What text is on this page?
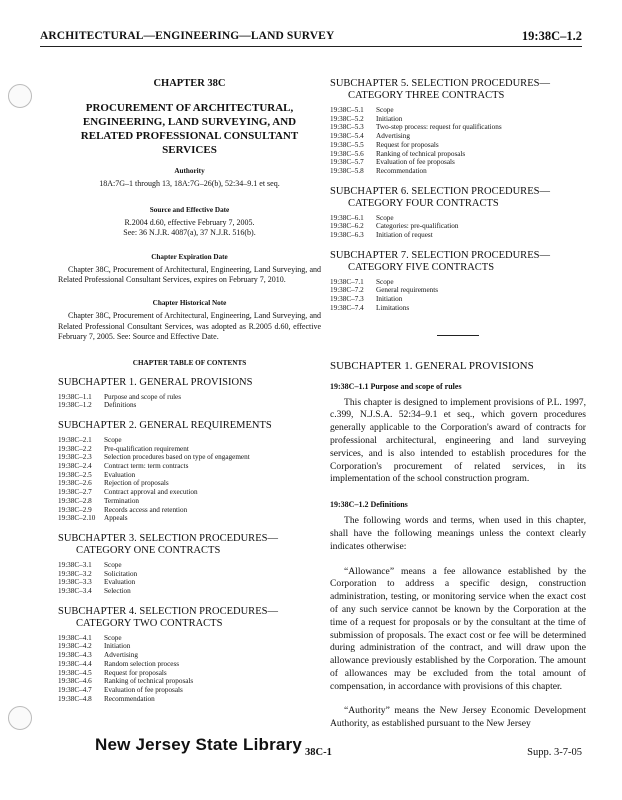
ARCHITECTURAL—ENGINEERING—LAND SURVEY	19:38C–1.2
CHAPTER 38C
PROCUREMENT OF ARCHITECTURAL, ENGINEERING, LAND SURVEYING, AND RELATED PROFESSIONAL CONSULTANT SERVICES
Authority

18A:7G–1 through 13, 18A:7G–26(b), 52:34–9.1 et seq.

Source and Effective Date

R.2004 d.60, effective February 7, 2005.

See: 36 N.J.R. 4087(a), 37 N.J.R. 516(b).

Chapter Expiration Date

Chapter 38C, Procurement of Architectural, Engineering, Land Surveying, and Related Professional Consultant Services, expires on February 7, 2010.

Chapter Historical Note

Chapter 38C, Procurement of Architectural, Engineering, Land Surveying, and Related Professional Consultant Services, was adopted as R.2005 d.60, effective February 7, 2005. See: Source and Effective Date.

CHAPTER TABLE OF CONTENTS
SUBCHAPTER 1. GENERAL PROVISIONS
19:38C–1.1	Purpose and scope of rules
19:38C–1.2	Definitions
SUBCHAPTER 2. GENERAL REQUIREMENTS
19:38C–2.1	Scope
19:38C–2.2	Pre-qualification requirement
19:38C–2.3	Selection procedures based on type of engagement
19:38C–2.4	Contract term: term contracts
19:38C–2.5	Evaluation
19:38C–2.6	Rejection of proposals
19:38C–2.7	Contract approval and execution
19:38C–2.8	Termination
19:38C–2.9	Records access and retention
19:38C–2.10	Appeals
SUBCHAPTER 3. SELECTION PROCEDURES—
CATEGORY ONE CONTRACTS
19:38C–3.1	Scope
19:38C–3.2	Solicitation
19:38C–3.3	Evaluation
19:38C–3.4	Selection
SUBCHAPTER 4. SELECTION PROCEDURES—
CATEGORY TWO CONTRACTS
19:38C–4.1	Scope
19:38C–4.2	Initiation
19:38C–4.3	Advertising
19:38C–4.4	Random selection process
19:38C–4.5	Request for proposals
19:38C–4.6	Ranking of technical proposals
19:38C–4.7	Evaluation of fee proposals
19:38C–4.8	Recommendation
SUBCHAPTER 5. SELECTION PROCEDURES—
CATEGORY THREE CONTRACTS
19:38C–5.1	Scope
19:38C–5.2	Initiation
19:38C–5.3	Two-step process: request for qualifications
19:38C–5.4	Advertising
19:38C–5.5	Request for proposals
19:38C–5.6	Ranking of technical proposals
19:38C–5.7	Evaluation of fee proposals
19:38C–5.8	Recommendation
SUBCHAPTER 6. SELECTION PROCEDURES—
CATEGORY FOUR CONTRACTS
19:38C–6.1	Scope
19:38C–6.2	Categories: pre-qualification
19:38C–6.3	Initiation of request
SUBCHAPTER 7. SELECTION PROCEDURES—
CATEGORY FIVE CONTRACTS
19:38C–7.1	Scope
19:38C–7.2	General requirements
19:38C–7.3	Initiation
19:38C–7.4	Limitations
SUBCHAPTER 1. GENERAL PROVISIONS
19:38C–1.1 Purpose and scope of rules

This chapter is designed to implement provisions of P.L. 1997, c.399, N.J.S.A. 52:34–9.1 et seq., which govern procedures generally applicable to the Corporation's award of contracts for professional architectural, engineering and land surveying services, and is also intended to establish procedures for the Corporation's procurement of related services, in its implementation of the school construction program.

19:38C–1.2 Definitions

The following words and terms, when used in this chapter, shall have the following meanings unless the context clearly indicates otherwise:

“Allowance” means a fee allowance established by the Corporation to address a specific design, construction administration, testing, or monitoring service when the exact cost of any such service cannot be known by the Corporation at the time of a request for proposals or by the consultant at the time of submission of proposals. The exact cost or fee will be determined during administration of the contract, and will draw upon the allowance previously established by the Corporation. The amount of allowances may be excluded from the total amount of compensation, in accordance with provisions of this chapter.

“Authority” means the New Jersey Economic Development Authority, as established pursuant to the New Jersey

New Jersey State Library 38C-1	Supp. 3-7-05
